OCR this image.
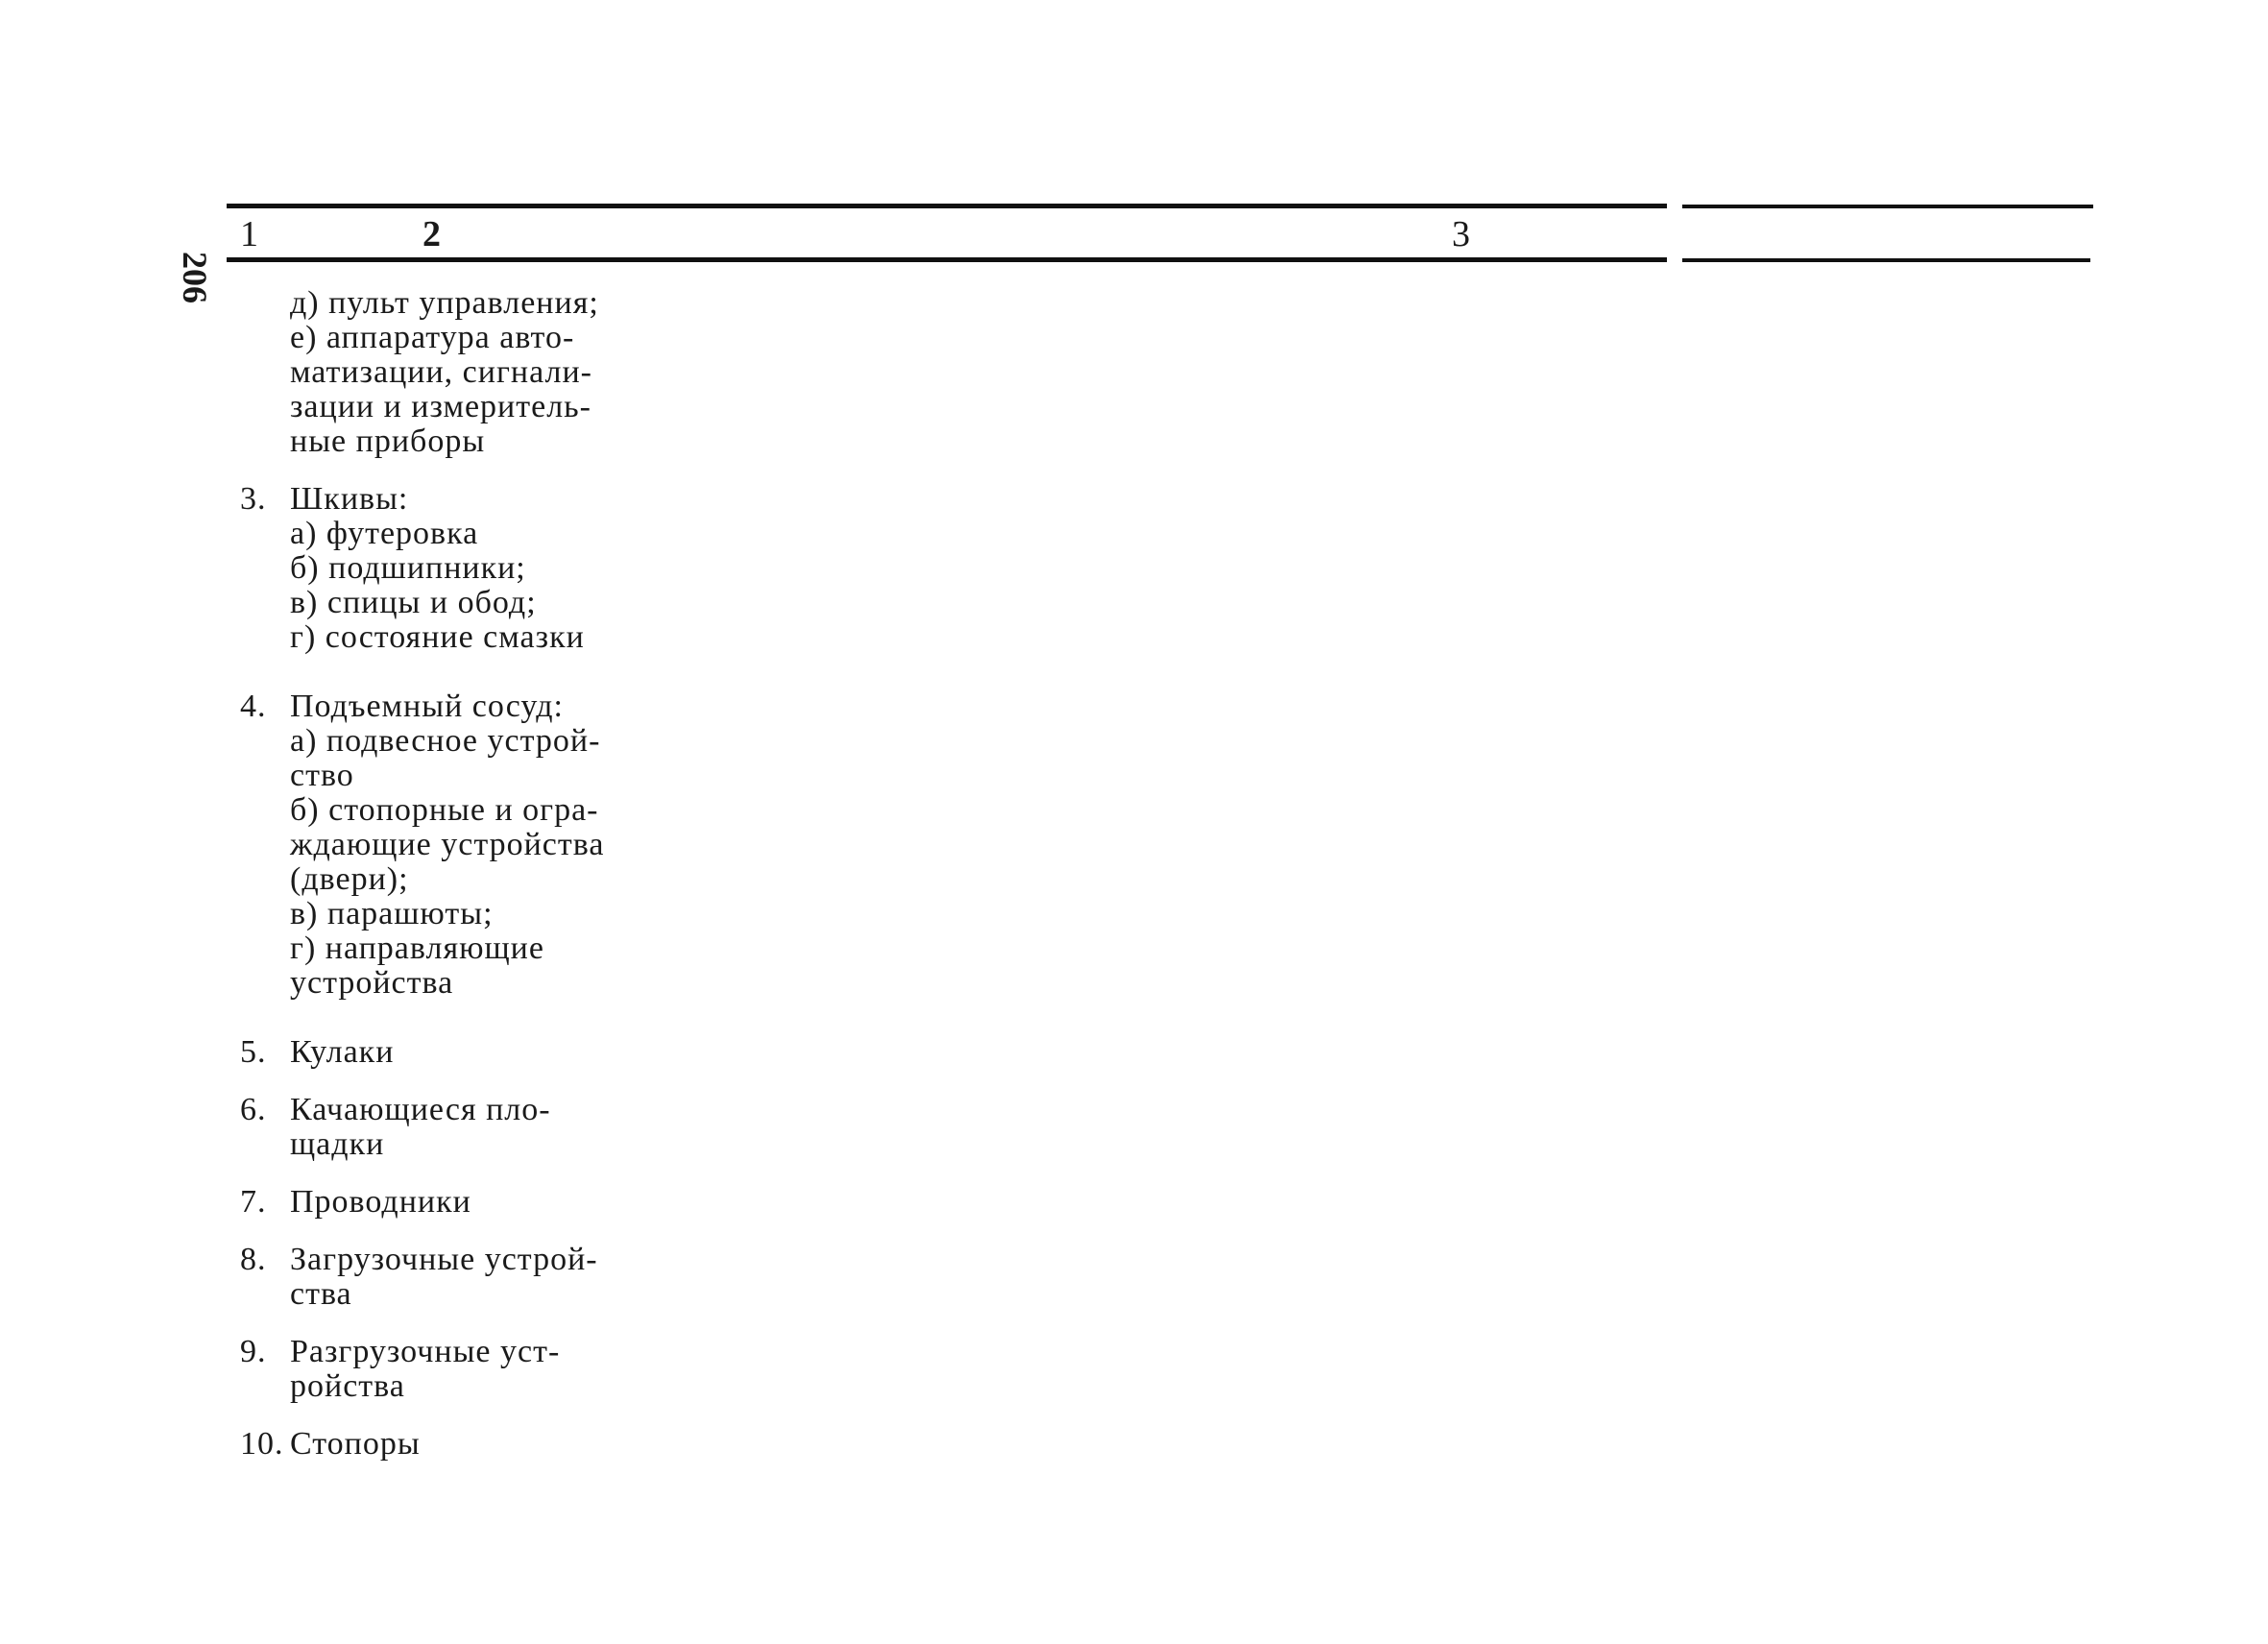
1	2	3
206 д) пульт управления;
е) аппаратура авто-
матизации, сигнали-
зации и измеритель-
ные приборы
3. Шкивы:
а) футеровка
б) подшипники;
в) спицы и обод;
г) состояние смазки
4. Подъемный сосуд:
а) подвесное устрой-
ство
б) стопорные и огра-
ждающие устройства
(двери);
в) парашюты;
г) направляющие
устройства
5. Кулаки
6. Качающиеся пло-
щадки
7. Проводники
8. Загрузочные устрой-
ства
9. Разгрузочные уст-
ройства
10. Стопоры
